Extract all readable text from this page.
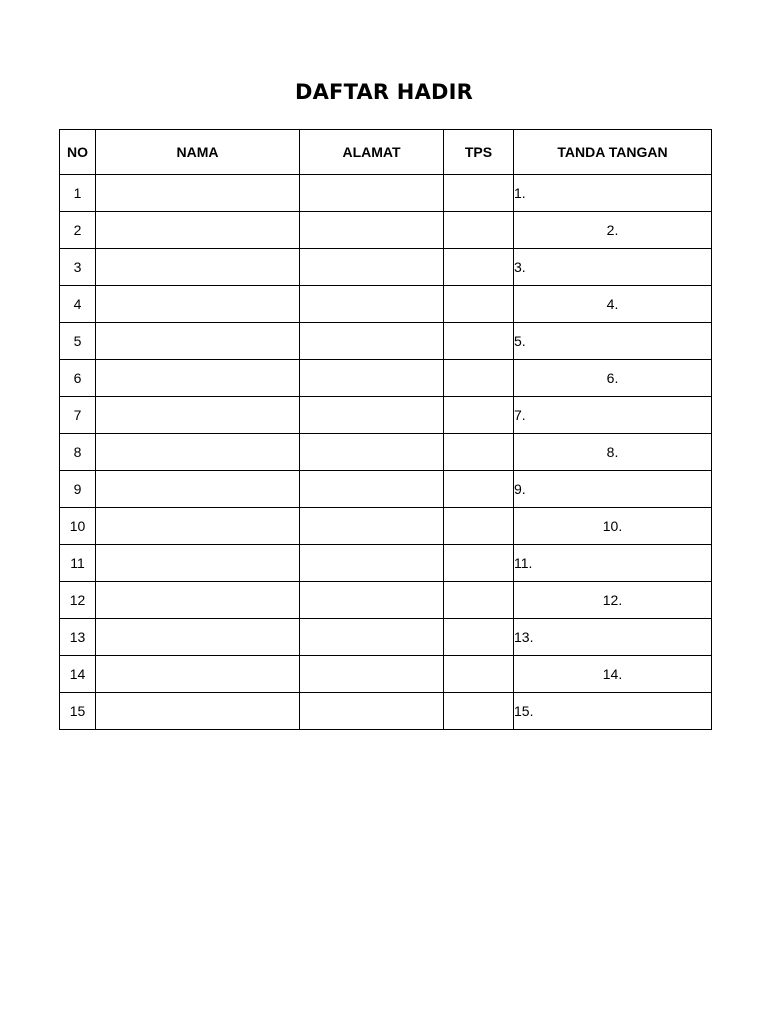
DAFTAR HADIR
NO	NAMA	ALAMAT	TPS	TANDA TANGAN
1				1.
2				2.
3				3.
4				4.
5				5.
6				6.
7				7.
8				8.
9				9.
10				10.
11				11.
12				12.
13				13.
14				14.
15				15.
